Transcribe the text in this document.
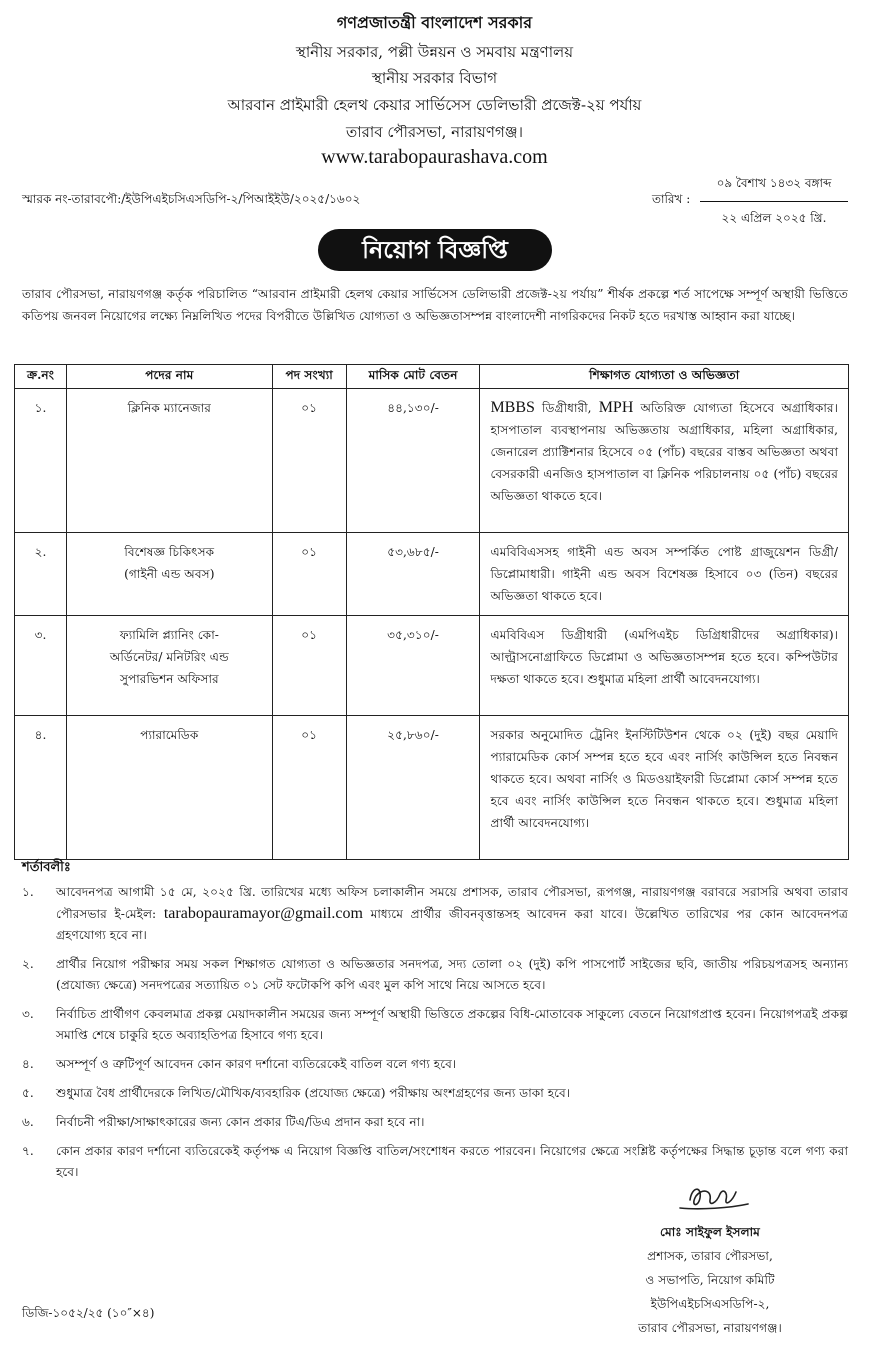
গণপ্রজাতন্ত্রী বাংলাদেশ সরকার
স্থানীয় সরকার, পল্লী উন্নয়ন ও সমবায় মন্ত্রণালয়
স্থানীয় সরকার বিভাগ
আরবান প্রাইমারী হেলথ কেয়ার সার্ভিসেস ডেলিভারী প্রজেক্ট-২য় পর্যায়
তারাব পৌরসভা, নারায়ণগঞ্জ।
www.tarabopaurashava.com
স্মারক নং-তারাবপৌ:/ইউপিএইচসিএসডিপি-২/পিআইইউ/২০২৫/১৬০২	তারিখ :
০৯ বৈশাখ ১৪৩২ বঙ্গাব্দ
২২ এপ্রিল ২০২৫ খ্রি.
নিয়োগ বিজ্ঞপ্তি
তারাব পৌরসভা, নারায়ণগঞ্জ কর্তৃক পরিচালিত “আরবান প্রাইমারী হেলথ কেয়ার সার্ভিসেস ডেলিভারী প্রজেক্ট-২য় পর্যায়” শীর্ষক প্রকল্পে শর্ত সাপেক্ষে সম্পূর্ণ অস্থায়ী ভিত্তিতে কতিপয় জনবল নিয়োগের লক্ষ্যে নিম্নলিখিত পদের বিপরীতে উল্লিখিত যোগ্যতা ও অভিজ্ঞতাসম্পন্ন বাংলাদেশী নাগরিকদের নিকট হতে দরখাস্ত আহ্বান করা যাচ্ছে।
ক্র.নং	পদের নাম	পদ সংখ্যা	মাসিক মোট বেতন	শিক্ষাগত যোগ্যতা ও অভিজ্ঞতা
১.	ক্লিনিক ম্যানেজার	০১	৪৪,১৩০/-	MBBS ডিগ্রীধারী, MPH অতিরিক্ত যোগ্যতা হিসেবে অগ্রাধিকার। হাসপাতাল ব্যবস্থাপনায় অভিজ্ঞতায় অগ্রাধিকার, মহিলা অগ্রাধিকার, জেনারেল প্র্যাক্টিশনার হিসেবে ০৫ (পাঁচ) বছরের বাস্তব অভিজ্ঞতা অথবা বেসরকারী এনজিও হাসপাতাল বা ক্লিনিক পরিচালনায় ০৫ (পাঁচ) বছরের অভিজ্ঞতা থাকতে হবে।
২.	বিশেষজ্ঞ চিকিৎসক
(গাইনী এন্ড অবস)	০১	৫৩,৬৮৫/-	এমবিবিএসসহ গাইনী এন্ড অবস সম্পর্কিত পোষ্ট গ্রাজুয়েশন ডিগ্রী/ডিপ্লোমাধারী। গাইনী এন্ড অবস বিশেষজ্ঞ হিসাবে ০৩ (তিন) বছরের অভিজ্ঞতা থাকতে হবে।
৩.	ফ্যামিলি প্ল্যানিং কো-
অর্ডিনেটর/ মনিটরিং এন্ড
সুপারভিশন অফিসার	০১	৩৫,৩১০/-	এমবিবিএস ডিগ্রীধারী (এমপিএইচ ডিগ্রিধারীদের অগ্রাধিকার)। আল্ট্রাসনোগ্রাফিতে ডিপ্লোমা ও অভিজ্ঞতাসম্পন্ন হতে হবে। কম্পিউটার দক্ষতা থাকতে হবে। শুধুমাত্র মহিলা প্রার্থী আবেদনযোগ্য।
৪.	প্যারামেডিক	০১	২৫,৮৬০/-	সরকার অনুমোদিত ট্রেনিং ইনস্টিটিউশন থেকে ০২ (দুই) বছর মেয়াদি প্যারামেডিক কোর্স সম্পন্ন হতে হবে এবং নার্সিং কাউন্সিল হতে নিবন্ধন থাকতে হবে। অথবা নার্সিং ও মিডওয়াইফারী ডিপ্লোমা কোর্স সম্পন্ন হতে হবে এবং নার্সিং কাউন্সিল হতে নিবন্ধন থাকতে হবে। শুধুমাত্র মহিলা প্রার্থী আবেদনযোগ্য।
শর্তাবলীঃ
১.	আবেদনপত্র আগামী ১৫ মে, ২০২৫ খ্রি. তারিখের মধ্যে অফিস চলাকালীন সময়ে প্রশাসক, তারাব পৌরসভা, রূপগঞ্জ, নারায়ণগঞ্জ বরাবরে সরাসরি অথবা তারাব পৌরসভার ই-মেইল: tarabopauramayor@gmail.com মাধ্যমে প্রার্থীর জীবনবৃত্তান্তসহ আবেদন করা যাবে। উল্লেখিত তারিখের পর কোন আবেদনপত্র গ্রহণযোগ্য হবে না।
২.	প্রার্থীর নিয়োগ পরীক্ষার সময় সকল শিক্ষাগত যোগ্যতা ও অভিজ্ঞতার সনদপত্র, সদ্য তোলা ০২ (দুই) কপি পাসপোর্ট সাইজের ছবি, জাতীয় পরিচয়পত্রসহ অন্যান্য (প্রযোজ্য ক্ষেত্রে) সনদপত্রের সত্যায়িত ০১ সেট ফটোকপি কপি এবং মুল কপি সাথে নিয়ে আসতে হবে।
৩.	নির্বাচিত প্রার্থীগণ কেবলমাত্র প্রকল্প মেয়াদকালীন সময়ের জন্য সম্পূর্ণ অস্থায়ী ভিত্তিতে প্রকল্পের বিধি-মোতাবেক সাকুল্যে বেতনে নিয়োগপ্রাপ্ত হবেন। নিয়োগপত্রই প্রকল্প সমাপ্তি শেষে চাকুরি হতে অব্যাহতিপত্র হিসাবে গণ্য হবে।
৪.	অসম্পূর্ণ ও ত্রুটিপূর্ণ আবেদন কোন কারণ দর্শানো ব্যতিরেকেই বাতিল বলে গণ্য হবে।
৫.	শুধুমাত্র বৈধ প্রার্থীদেরকে লিখিত/মৌখিক/ব্যবহারিক (প্রযোজ্য ক্ষেত্রে) পরীক্ষায় অংশগ্রহণের জন্য ডাকা হবে।
৬.	নির্বাচনী পরীক্ষা/সাক্ষাৎকারের জন্য কোন প্রকার টিএ/ডিএ প্রদান করা হবে না।
৭.	কোন প্রকার কারণ দর্শানো ব্যতিরেকেই কর্তৃপক্ষ এ নিয়োগ বিজ্ঞপ্তি বাতিল/সংশোধন করতে পারবেন। নিয়োগের ক্ষেত্রে সংশ্লিষ্ট কর্তৃপক্ষের সিদ্ধান্ত চূড়ান্ত বলে গণ্য করা হবে।
মোঃ সাইফুল ইসলাম
প্রশাসক, তারাব পৌরসভা,
ও সভাপতি, নিয়োগ কমিটি
ইউপিএইচসিএসডিপি-২,
তারাব পৌরসভা, নারায়ণগঞ্জ।
ডিজি-১০৫২/২৫ (১০″×৪)
